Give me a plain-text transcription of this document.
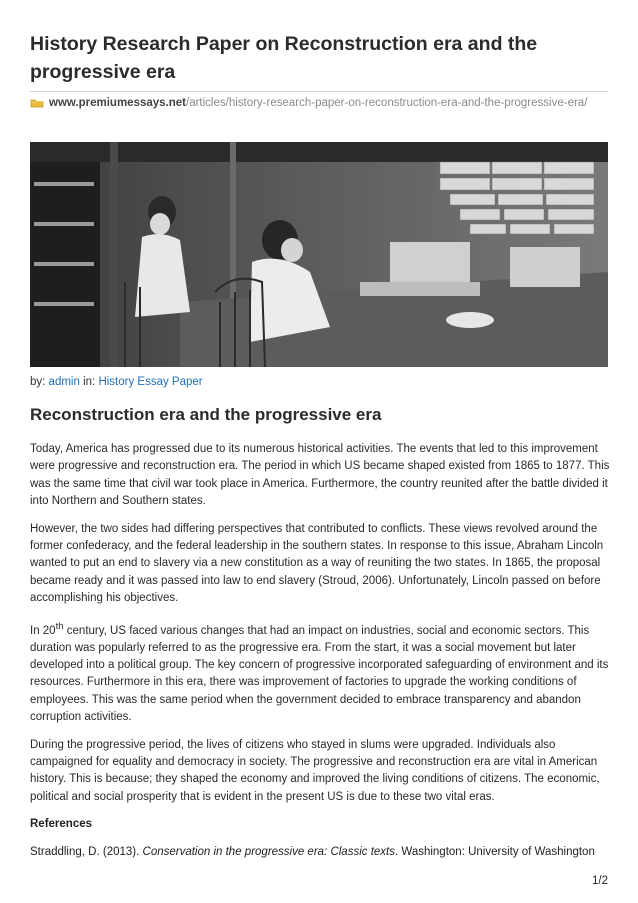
History Research Paper on Reconstruction era and the progressive era
www.premiumessays.net /articles/history-research-paper-on-reconstruction-era-and-the-progressive-era/
by: admin in: History Essay Paper
Reconstruction era and the progressive era

Today, America has progressed due to its numerous historical activities. The events that led to this improvement were progressive and reconstruction era. The period in which US became shaped existed from 1865 to 1877. This was the same time that civil war took place in America. Furthermore, the country reunited after the battle divided it into Northern and Southern states.

However, the two sides had differing perspectives that contributed to conflicts. These views revolved around the former confederacy, and the federal leadership in the southern states. In response to this issue, Abraham Lincoln wanted to put an end to slavery via a new constitution as a way of reuniting the two states. In 1865, the proposal became ready and it was passed into law to end slavery (Stroud, 2006). Unfortunately, Lincoln passed on before accomplishing his objectives.

In 20th century, US faced various changes that had an impact on industries, social and economic sectors. This duration was popularly referred to as the progressive era. From the start, it was a social movement but later developed into a political group. The key concern of progressive incorporated safeguarding of environment and its resources. Furthermore in this era, there was improvement of factories to upgrade the working conditions of employees. This was the same period when the government decided to embrace transparency and abandon corruption activities.

During the progressive period, the lives of citizens who stayed in slums were upgraded. Individuals also campaigned for equality and democracy in society. The progressive and reconstruction era are vital in American history. This is because; they shaped the economy and improved the living conditions of citizens. The economic, political and social prosperity that is evident in the present US is due to these two vital eras.

References
Straddling, D. (2013). Conservation in the progressive era: Classic texts. Washington: University of Washington
1/2
